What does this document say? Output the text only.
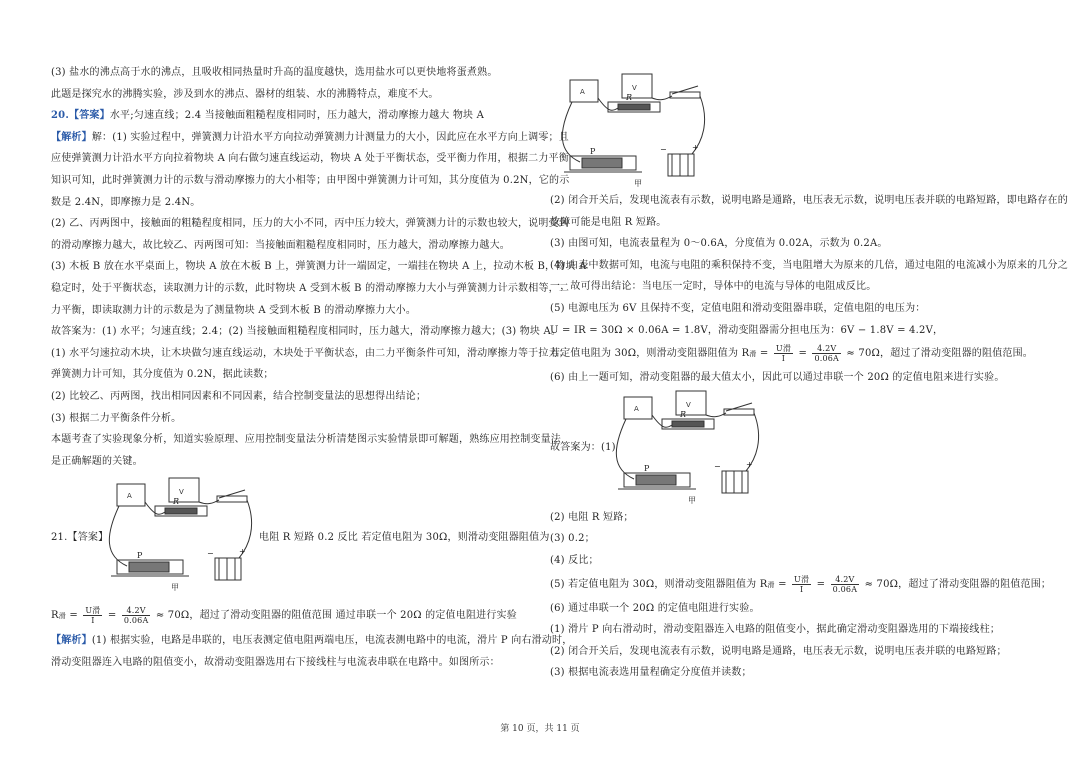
(3) 盐水的沸点高于水的沸点，且吸收相同热量时升高的温度越快，选用盐水可以更快地将蛋煮熟。
此题是探究水的沸腾实验，涉及到水的沸点、器材的组装、水的沸腾特点，难度不大。
20.【答案】水平;匀速直线；2.4 当接触面粗糙程度相同时，压力越大，滑动摩擦力越大 物块 A
【解析】解：(1) 实验过程中，弹簧测力计沿水平方向拉动弹簧测力计测量力的大小，因此应在水平方向上调零；且
应使弹簧测力计沿水平方向拉着物块 A 向右做匀速直线运动，物块 A 处于平衡状态，受平衡力作用，根据二力平衡
知识可知，此时弹簧测力计的示数与滑动摩擦力的大小相等；由甲图中弹簧测力计可知，其分度值为 0.2N，它的示
数是 2.4N，即摩擦力是 2.4N。
(2) 乙、丙两图中，接触面的粗糙程度相同，压力的大小不同，丙中压力较大，弹簧测力计的示数也较大，说明受到
的滑动摩擦力越大，故比较乙、丙两图可知：当接触面粗糙程度相同时，压力越大，滑动摩擦力越大。
(3) 木板 B 放在水平桌面上，物块 A 放在木板 B 上，弹簧测力计一端固定，一端挂在物块 A 上，拉动木板 B，物块 A
稳定时，处于平衡状态，读取测力计的示数，此时物块 A 受到木板 B 的滑动摩擦力大小与弹簧测力计示数相等，二
力平衡，即读取测力计的示数是为了测量物块 A 受到木板 B 的滑动摩擦力大小。
故答案为：(1) 水平；匀速直线；2.4；(2) 当接触面粗糙程度相同时，压力越大，滑动摩擦力越大；(3) 物块 A。
(1) 水平匀速拉动木块，让木块做匀速直线运动，木块处于平衡状态，由二力平衡条件可知，滑动摩擦力等于拉力；
弹簧测力计可知，其分度值为 0.2N，据此读数；
(2) 比较乙、丙两图，找出相同因素和不同因素，结合控制变量法的思想得出结论；
(3) 根据二力平衡条件分析。
本题考查了实验现象分析，知道实验原理、应用控制变量法分析清楚图示实验情景即可解题，熟练应用控制变量法
是正确解题的关键。
21.【答案】
A	V
R
P	−	+
甲
电阻 R 短路 0.2 反比 若定值电阻为 30Ω，则滑动变阻器阻值为
R滑 = $\frac{\text{U滑}}{I} = \frac{4.2V}{0.06A} \approx 70\Omega$，超过了滑动变阻器的阻值范围 通过串联一个 20Ω 的定值电阻进行实验
【解析】(1) 根据实验，电路是串联的，电压表测定值电阻两端电压，电流表测电路中的电流，滑片 P 向右滑动时，
滑动变阻器连入电路的阻值变小，故滑动变阻器选用右下接线柱与电流表串联在电路中。如图所示：
A	V
R
P	−	+
甲
(2) 闭合开关后，发现电流表有示数，说明电路是通路，电压表无示数，说明电压表并联的电路短路，即电路存在的
故障可能是电阻 R 短路。
(3) 由图可知，电流表量程为 0～0.6A，分度值为 0.02A，示数为 0.2A。
(4) 由表中数据可知，电流与电阻的乘积保持不变，当电阻增大为原来的几倍，通过电阻的电流减小为原来的几分之
一，故可得出结论：当电压一定时，导体中的电流与导体的电阻成反比。
(5) 电源电压为 6V 且保持不变，定值电阻和滑动变阻器串联，定值电阻的电压为：
U = IR = 30Ω × 0.06A = 1.8V，滑动变阻器需分担电压为：6V − 1.8V = 4.2V，
若定值电阻为 30Ω，则滑动变阻器阻值为 R滑 = $\frac{\text{U滑}}{I} = \frac{4.2V}{0.06A} \approx 70\Omega$，超过了滑动变阻器的阻值范围。
(6) 由上一题可知，滑动变阻器的最大值太小，因此可以通过串联一个 20Ω 的定值电阻来进行实验。
故答案为：(1)
A	V
R
P	−	+
甲
(2) 电阻 R 短路；
(3) 0.2；
(4) 反比；
(5) 若定值电阻为 30Ω，则滑动变阻器阻值为 R滑 = $\frac{\text{U滑}}{I} = \frac{4.2V}{0.06A} \approx 70\Omega$，超过了滑动变阻器的阻值范围；
(6) 通过串联一个 20Ω 的定值电阻进行实验。
(1) 滑片 P 向右滑动时，滑动变阻器连入电路的阻值变小，据此确定滑动变阻器选用的下端接线柱；
(2) 闭合开关后，发现电流表有示数，说明电路是通路，电压表无示数，说明电压表并联的电路短路；
(3) 根据电流表选用量程确定分度值并读数；
第 10 页，共 11 页
